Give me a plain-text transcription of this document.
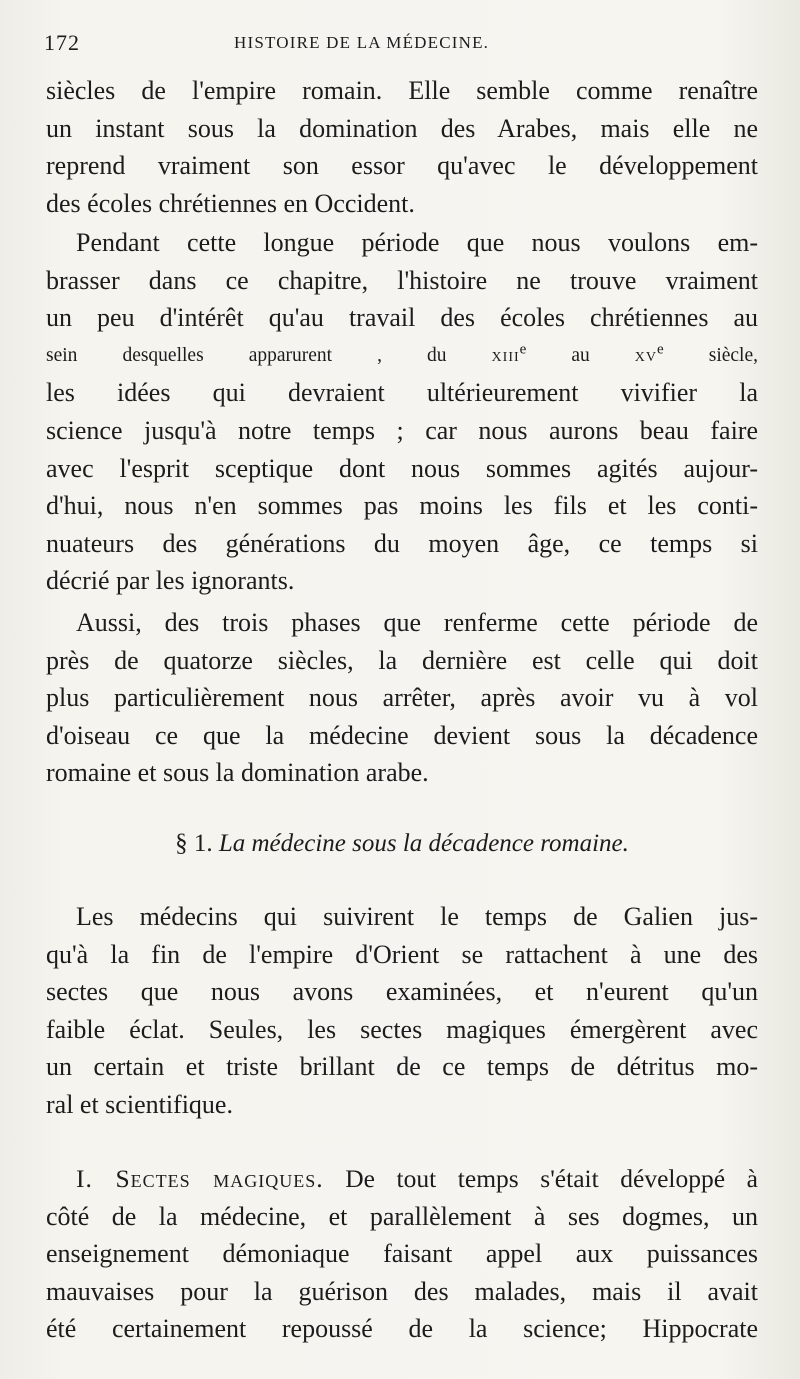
172	HISTOIRE DE LA MÉDECINE.
siècles de l'empire romain. Elle semble comme renaître
un instant sous la domination des Arabes, mais elle ne
reprend vraiment son essor qu'avec le développement
des écoles chrétiennes en Occident.
Pendant cette longue période que nous voulons em-
brasser dans ce chapitre, l'histoire ne trouve vraiment
un peu d'intérêt qu'au travail des écoles chrétiennes au
sein desquelles apparurent , du xiii$^e$ au $xv^e$ siècle,
les idées qui devraient ultérieurement vivifier la
science jusqu'à notre temps ; car nous aurons beau faire
avec l'esprit sceptique dont nous sommes agités aujour-
d'hui, nous n'en sommes pas moins les fils et les conti-
nuateurs des générations du moyen âge, ce temps si
décrié par les ignorants.
Aussi, des trois phases que renferme cette période de
près de quatorze siècles, la dernière est celle qui doit
plus particulièrement nous arrêter, après avoir vu à vol
d'oiseau ce que la médecine devient sous la décadence
romaine et sous la domination arabe.
§ 1. La médecine sous la décadence romaine.
Les médecins qui suivirent le temps de Galien jus-
qu'à la fin de l'empire d'Orient se rattachent à une des
sectes que nous avons examinées, et n'eurent qu'un
faible éclat. Seules, les sectes magiques émergèrent avec
un certain et triste brillant de ce temps de détritus mo-
ral et scientifique.
I. Sectes magiques. De tout temps s'était développé à
côté de la médecine, et parallèlement à ses dogmes, un
enseignement démoniaque faisant appel aux puissances
mauvaises pour la guérison des malades, mais il avait
été certainement repoussé de la science; Hippocrate
